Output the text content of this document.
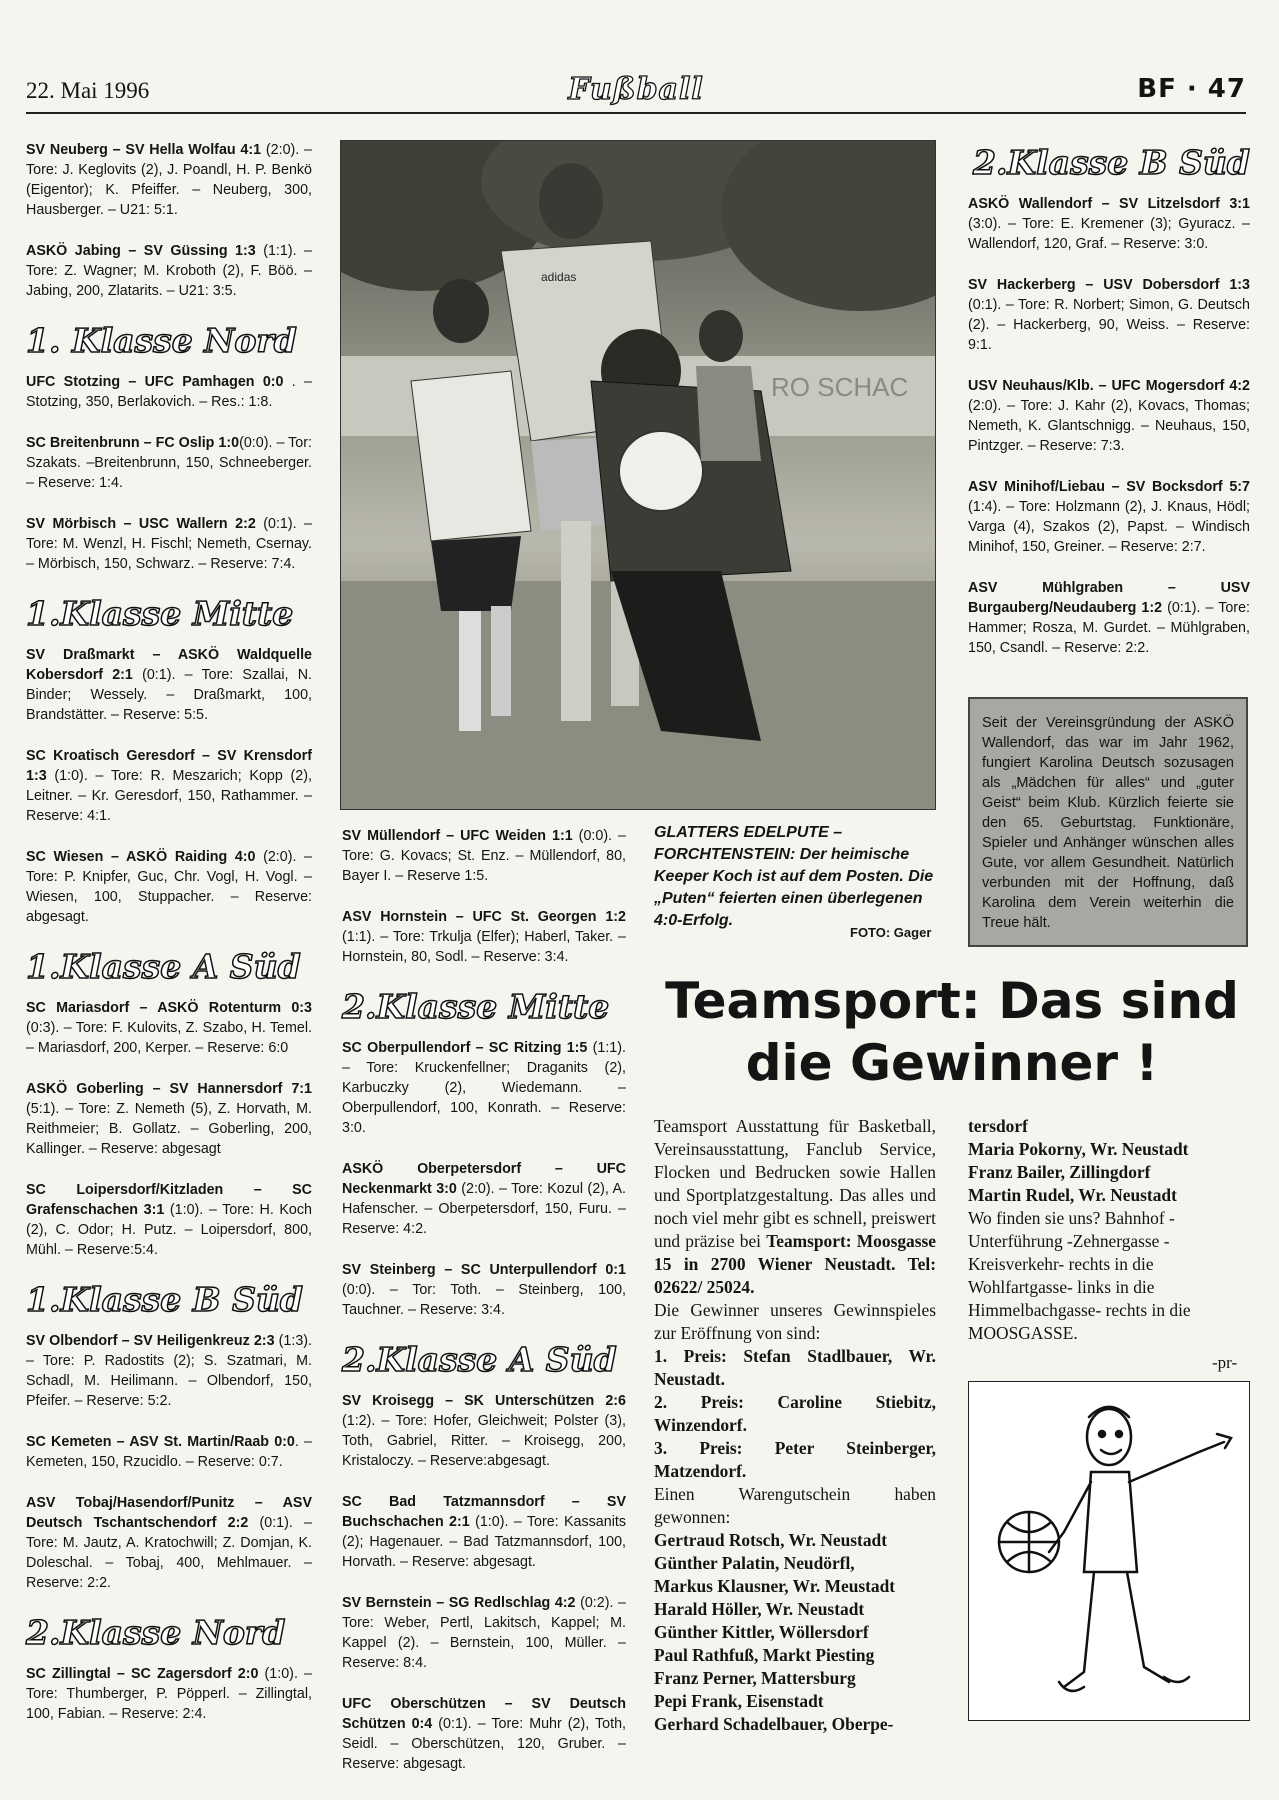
22. Mai 1996	Fußball	BF · 47

SV Neuberg – SV Hella Wolfau 4:1 (2:0). – Tore: J. Keglovits (2), J. Poandl, H. P. Benkö (Eigentor); K. Pfeiffer. – Neuberg, 300, Hausberger. – U21: 5:1.

ASKÖ Jabing – SV Güssing 1:3 (1:1). – Tore: Z. Wagner; M. Kroboth (2), F. Böö. – Jabing, 200, Zlatarits. – U21: 3:5.

1. Klasse Nord

UFC Stotzing – UFC Pamhagen 0:0 . – Stotzing, 350, Berlakovich. – Res.: 1:8.

SC Breitenbrunn – FC Oslip 1:0(0:0). – Tor: Szakats. –Breitenbrunn, 150, Schneeberger. – Reserve: 1:4.

SV Mörbisch – USC Wallern 2:2 (0:1). – Tore: M. Wenzl, H. Fischl; Nemeth, Csernay. – Mörbisch, 150, Schwarz. – Reserve: 7:4.

1.Klasse Mitte

SV Draßmarkt – ASKÖ Waldquelle Kobersdorf 2:1 (0:1). – Tore: Szallai, N. Binder; Wessely. – Draßmarkt, 100, Brandstätter. – Reserve: 5:5.

SC Kroatisch Geresdorf – SV Krensdorf 1:3 (1:0). – Tore: R. Meszarich; Kopp (2), Leitner. – Kr. Geresdorf, 150, Rathammer. – Reserve: 4:1.

SC Wiesen – ASKÖ Raiding 4:0 (2:0). – Tore: P. Knipfer, Guc, Chr. Vogl, H. Vogl. – Wiesen, 100, Stuppacher. – Reserve: abgesagt.

1.Klasse A Süd

SC Mariasdorf – ASKÖ Rotenturm 0:3 (0:3). – Tore: F. Kulovits, Z. Szabo, H. Temel. – Mariasdorf, 200, Kerper. – Reserve: 6:0

ASKÖ Goberling – SV Hannersdorf 7:1 (5:1). – Tore: Z. Nemeth (5), Z. Horvath, M. Reithmeier; B. Gollatz. – Goberling, 200, Kallinger. – Reserve: abgesagt

SC Loipersdorf/Kitzladen – SC Grafenschachen 3:1 (1:0). – Tore: H. Koch (2), C. Odor; H. Putz. – Loipersdorf, 800, Mühl. – Reserve:5:4.

1.Klasse B Süd

SV Olbendorf – SV Heiligenkreuz 2:3 (1:3). – Tore: P. Radostits (2); S. Szatmari, M. Schadl, M. Heilimann. – Olbendorf, 150, Pfeifer. – Reserve: 5:2.

SC Kemeten – ASV St. Martin/Raab 0:0. – Kemeten, 150, Rzucidlo. – Reserve: 0:7.

ASV Tobaj/Hasendorf/Punitz – ASV Deutsch Tschantschendorf 2:2 (0:1). – Tore: M. Jautz, A. Kratochwill; Z. Domjan, K. Doleschal. – Tobaj, 400, Mehlmauer. – Reserve: 2:2.

2.Klasse Nord

SC Zillingtal – SC Zagersdorf 2:0 (1:0). – Tore: Thumberger, P. Pöpperl. – Zillingtal, 100, Fabian. – Reserve: 2:4.

RO SCHAC
adidas

GLATTERS EDELPUTE – FORCHTENSTEIN: Der heimische Keeper Koch ist auf dem Posten. Die „Puten“ feierten einen überlegenen 4:0-Erfolg.

FOTO: Gager

SV Müllendorf – UFC Weiden 1:1 (0:0). – Tore: G. Kovacs; St. Enz. – Müllendorf, 80, Bayer I. – Reserve 1:5.

ASV Hornstein – UFC St. Georgen 1:2 (1:1). – Tore: Trkulja (Elfer); Haberl, Taker. – Hornstein, 80, Sodl. – Reserve: 3:4.

2.Klasse Mitte

SC Oberpullendorf – SC Ritzing 1:5 (1:1). – Tore: Kruckenfellner; Draganits (2), Karbuczky (2), Wiedemann. – Oberpullendorf, 100, Konrath. – Reserve: 3:0.

ASKÖ Oberpetersdorf – UFC Neckenmarkt 3:0 (2:0). – Tore: Kozul (2), A. Hafenscher. – Oberpetersdorf, 150, Furu. – Reserve: 4:2.

SV Steinberg – SC Unterpullendorf 0:1 (0:0). – Tor: Toth. – Steinberg, 100, Tauchner. – Reserve: 3:4.

2.Klasse A Süd

SV Kroisegg – SK Unterschützen 2:6 (1:2). – Tore: Hofer, Gleichweit; Polster (3), Toth, Gabriel, Ritter. – Kroisegg, 200, Kristaloczy. – Reserve:abgesagt.

SC Bad Tatzmannsdorf – SV Buchschachen 2:1 (1:0). – Tore: Kassanits (2); Hagenauer. – Bad Tatzmannsdorf, 100, Horvath. – Reserve: abgesagt.

SV Bernstein – SG Redlschlag 4:2 (0:2). – Tore: Weber, Pertl, Lakitsch, Kappel; M. Kappel (2). – Bernstein, 100, Müller. – Reserve: 8:4.

UFC Oberschützen – SV Deutsch Schützen 0:4 (0:1). – Tore: Muhr (2), Toth, Seidl. – Oberschützen, 120, Gruber. – Reserve: abgesagt.

2.Klasse B Süd

ASKÖ Wallendorf – SV Litzelsdorf 3:1 (3:0). – Tore: E. Kremener (3); Gyuracz. – Wallendorf, 120, Graf. – Reserve: 3:0.

SV Hackerberg – USV Dobersdorf 1:3 (0:1). – Tore: R. Norbert; Simon, G. Deutsch (2). – Hackerberg, 90, Weiss. – Reserve: 9:1.

USV Neuhaus/Klb. – UFC Mogersdorf 4:2 (2:0). – Tore: J. Kahr (2), Kovacs, Thomas; Nemeth, K. Glantschnigg. – Neuhaus, 150, Pintzger. – Reserve: 7:3.

ASV Minihof/Liebau – SV Bocksdorf 5:7 (1:4). – Tore: Holzmann (2), J. Knaus, Hödl; Varga (4), Szakos (2), Papst. – Windisch Minihof, 150, Greiner. – Reserve: 2:7.

ASV Mühlgraben – USV Burgauberg/Neudauberg 1:2 (0:1). – Tore: Hammer; Rosza, M. Gurdet. – Mühlgraben, 150, Csandl. – Reserve: 2:2.

Seit der Vereinsgründung der ASKÖ Wallendorf, das war im Jahr 1962, fungiert Karolina Deutsch sozusagen als „Mädchen für alles“ und „guter Geist“ beim Klub. Kürzlich feierte sie den 65. Geburtstag. Funktionäre, Spieler und Anhänger wünschen alles Gute, vor allem Gesundheit. Natürlich verbunden mit der Hoffnung, daß Karolina dem Verein weiterhin die Treue hält.

Teamsport: Das sind
die Gewinner !

Teamsport Ausstattung für Basketball, Vereinsausstattung, Fanclub Service, Flocken und Bedrucken sowie Hallen und Sportplatzgestaltung. Das alles und noch viel mehr gibt es schnell, preiswert und präzise bei Teamsport: Moosgasse 15 in 2700 Wiener Neustadt. Tel: 02622/ 25024.

Die Gewinner unseres Gewinnspieles zur Eröffnung von sind:

1. Preis: Stefan Stadlbauer, Wr. Neustadt.

2. Preis: Caroline Stiebitz, Winzendorf.

3. Preis: Peter Steinberger, Matzendorf.

Einen Warengutschein haben gewonnen:

Gertraud Rotsch, Wr. Neustadt

Günther Palatin, Neudörfl,

Markus Klausner, Wr. Meustadt

Harald Höller, Wr. Neustadt

Günther Kittler, Wöllersdorf

Paul Rathfuß, Markt Piesting

Franz Perner, Mattersburg

Pepi Frank, Eisenstadt

Gerhard Schadelbauer, Oberpe-

tersdorf

Maria Pokorny, Wr. Neustadt

Franz Bailer, Zillingdorf

Martin Rudel, Wr. Neustadt

Wo finden sie uns? Bahnhof - Unterführung -Zehnergasse - Kreisverkehr- rechts in die Wohlfartgasse- links in die Himmelbachgasse- rechts in die MOOSGASSE.

-pr-
